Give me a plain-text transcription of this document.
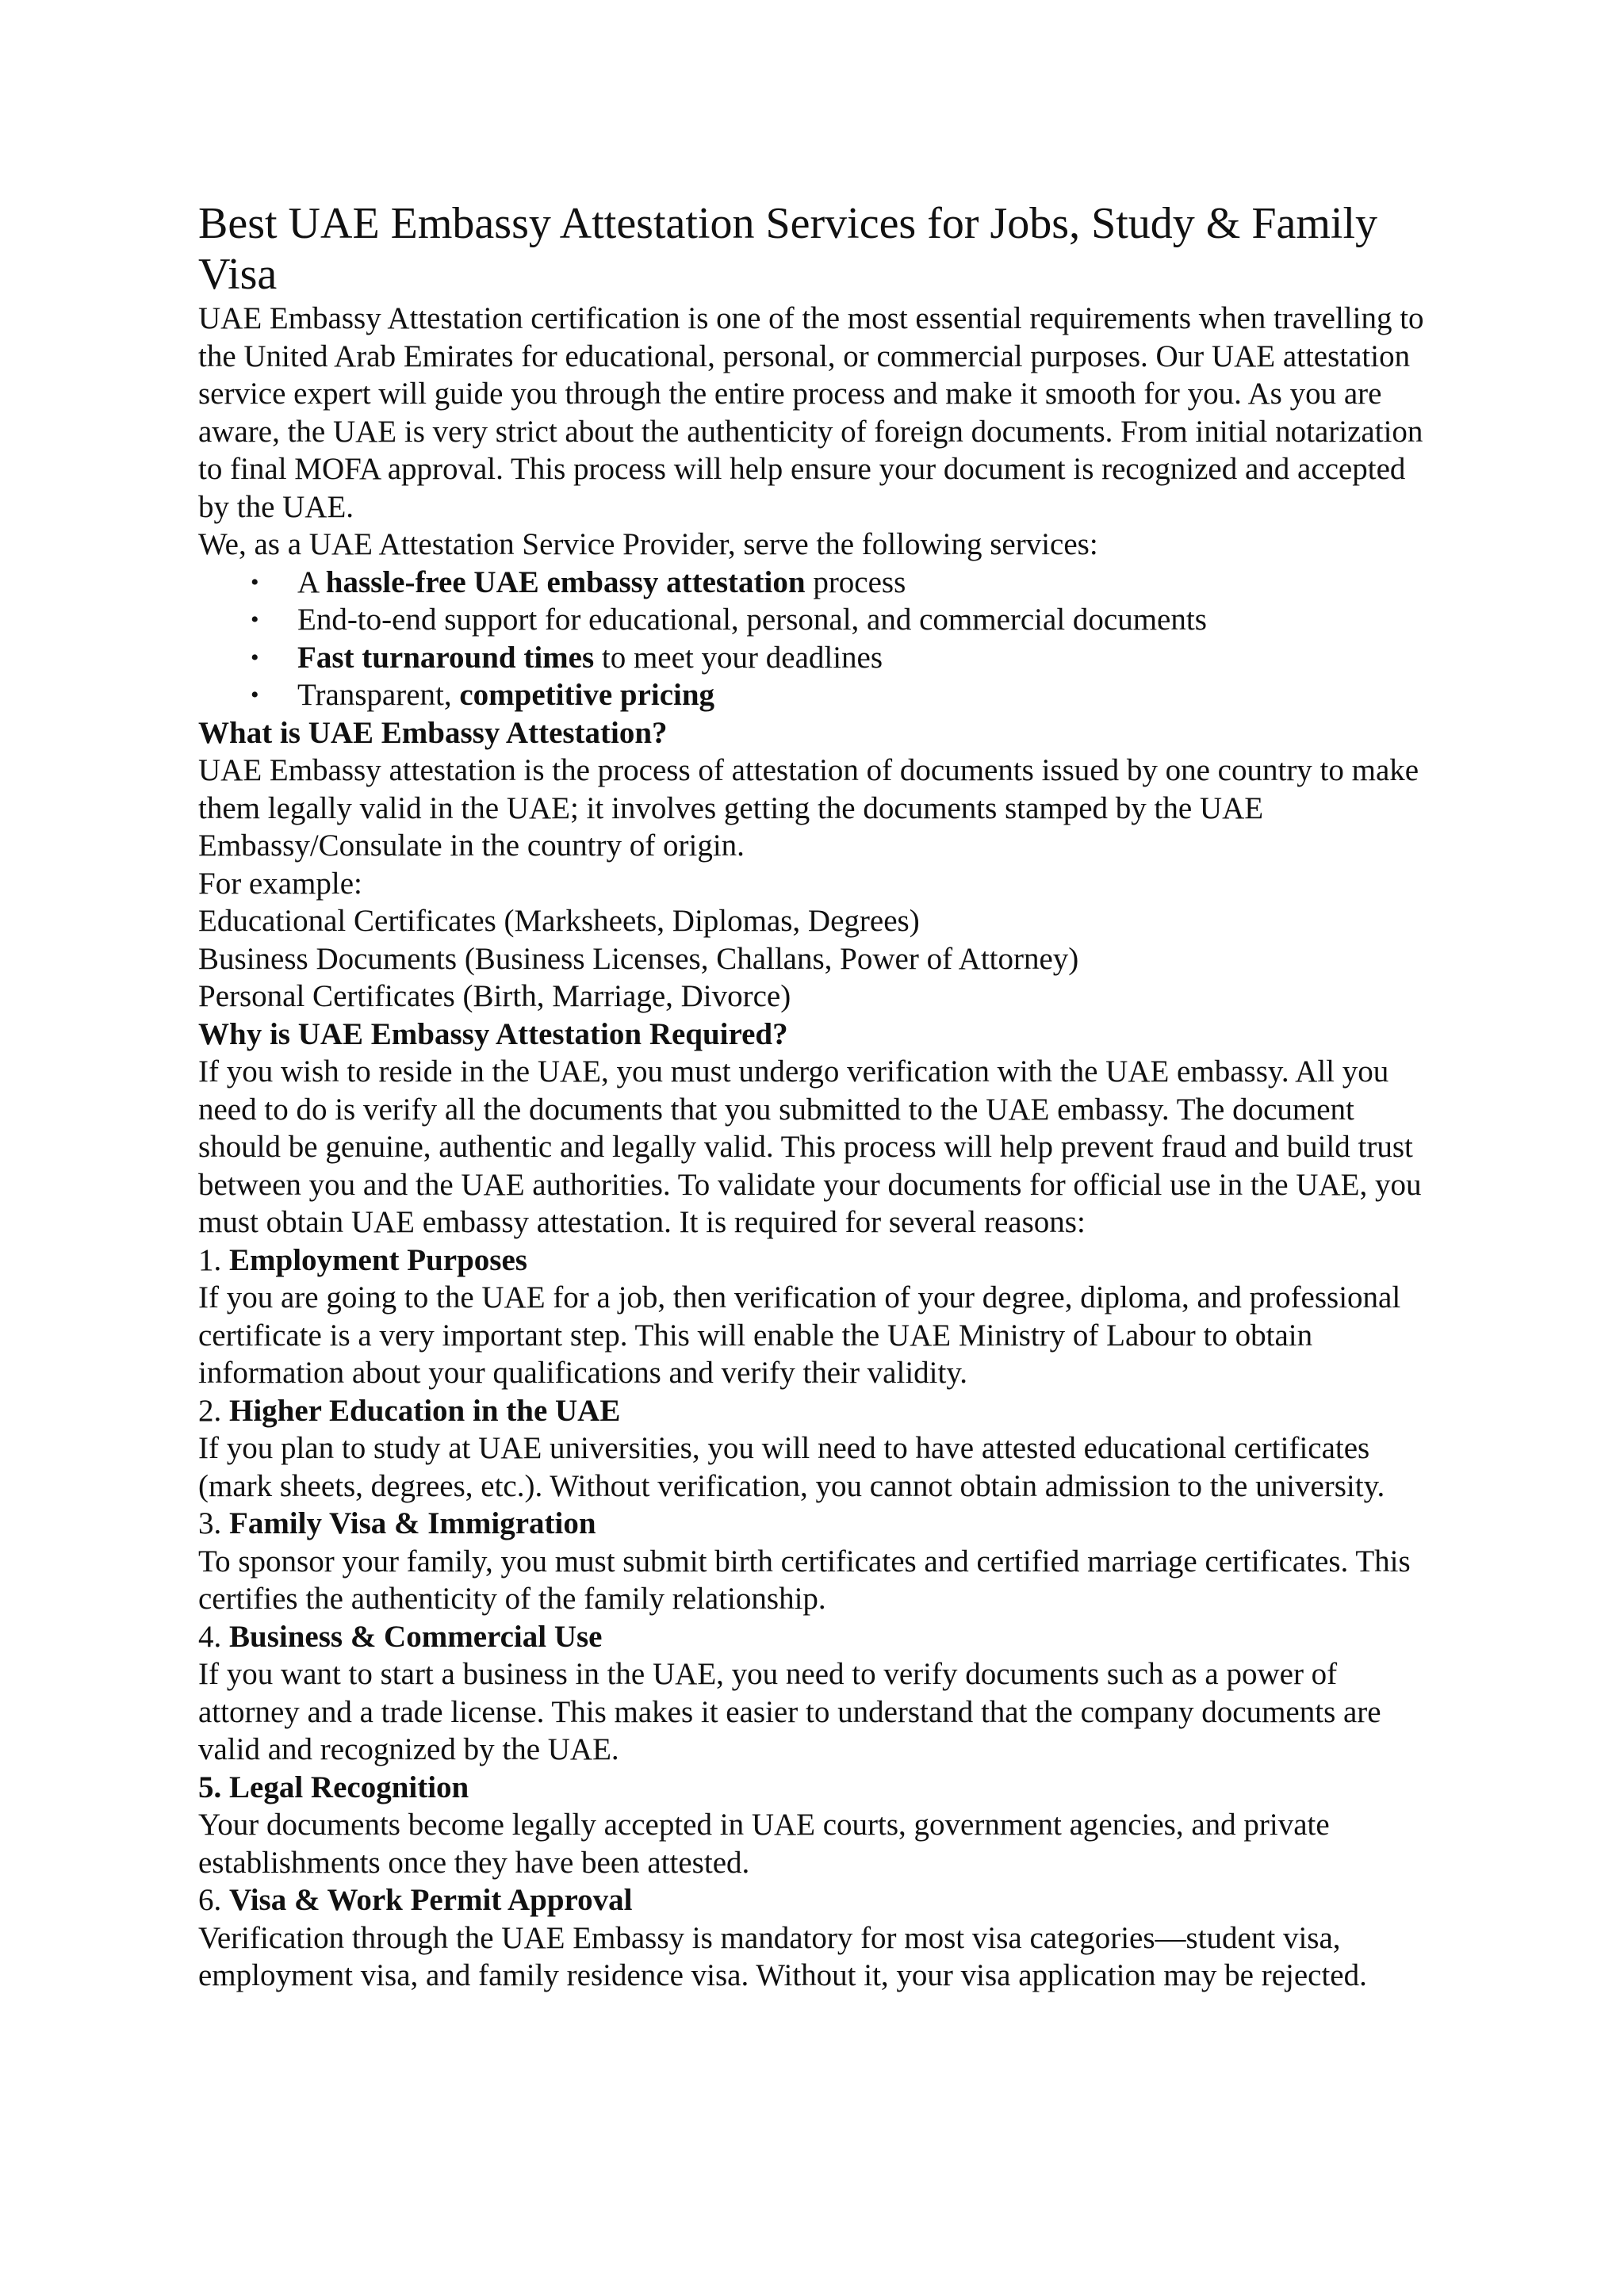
Best UAE Embassy Attestation Services for Jobs, Study & Family Visa

UAE Embassy Attestation certification is one of the most essential requirements when travelling to the United Arab Emirates for educational, personal, or commercial purposes. Our UAE attestation service expert will guide you through the entire process and make it smooth for you. As you are aware, the UAE is very strict about the authenticity of foreign documents. From initial notarization to final MOFA approval. This process will help ensure your document is recognized and accepted by the UAE.

We, as a UAE Attestation Service Provider, serve the following services:

• A hassle-free UAE embassy attestation process
• End-to-end support for educational, personal, and commercial documents
• Fast turnaround times to meet your deadlines
• Transparent, competitive pricing
What is UAE Embassy Attestation?

UAE Embassy attestation is the process of attestation of documents issued by one country to make them legally valid in the UAE; it involves getting the documents stamped by the UAE Embassy/Consulate in the country of origin.

For example:

Educational Certificates (Marksheets, Diplomas, Degrees)

Business Documents (Business Licenses, Challans, Power of Attorney)

Personal Certificates (Birth, Marriage, Divorce)

Why is UAE Embassy Attestation Required?

If you wish to reside in the UAE, you must undergo verification with the UAE embassy. All you need to do is verify all the documents that you submitted to the UAE embassy. The document should be genuine, authentic and legally valid. This process will help prevent fraud and build trust between you and the UAE authorities. To validate your documents for official use in the UAE, you must obtain UAE embassy attestation. It is required for several reasons:

1. Employment Purposes

If you are going to the UAE for a job, then verification of your degree, diploma, and professional certificate is a very important step. This will enable the UAE Ministry of Labour to obtain information about your qualifications and verify their validity.

2. Higher Education in the UAE

If you plan to study at UAE universities, you will need to have attested educational certificates (mark sheets, degrees, etc.). Without verification, you cannot obtain admission to the university.

3. Family Visa & Immigration

To sponsor your family, you must submit birth certificates and certified marriage certificates. This certifies the authenticity of the family relationship.

4. Business & Commercial Use

If you want to start a business in the UAE, you need to verify documents such as a power of attorney and a trade license. This makes it easier to understand that the company documents are valid and recognized by the UAE.

5. Legal Recognition

Your documents become legally accepted in UAE courts, government agencies, and private establishments once they have been attested.

6. Visa & Work Permit Approval

Verification through the UAE Embassy is mandatory for most visa categories—student visa, employment visa, and family residence visa. Without it, your visa application may be rejected.
